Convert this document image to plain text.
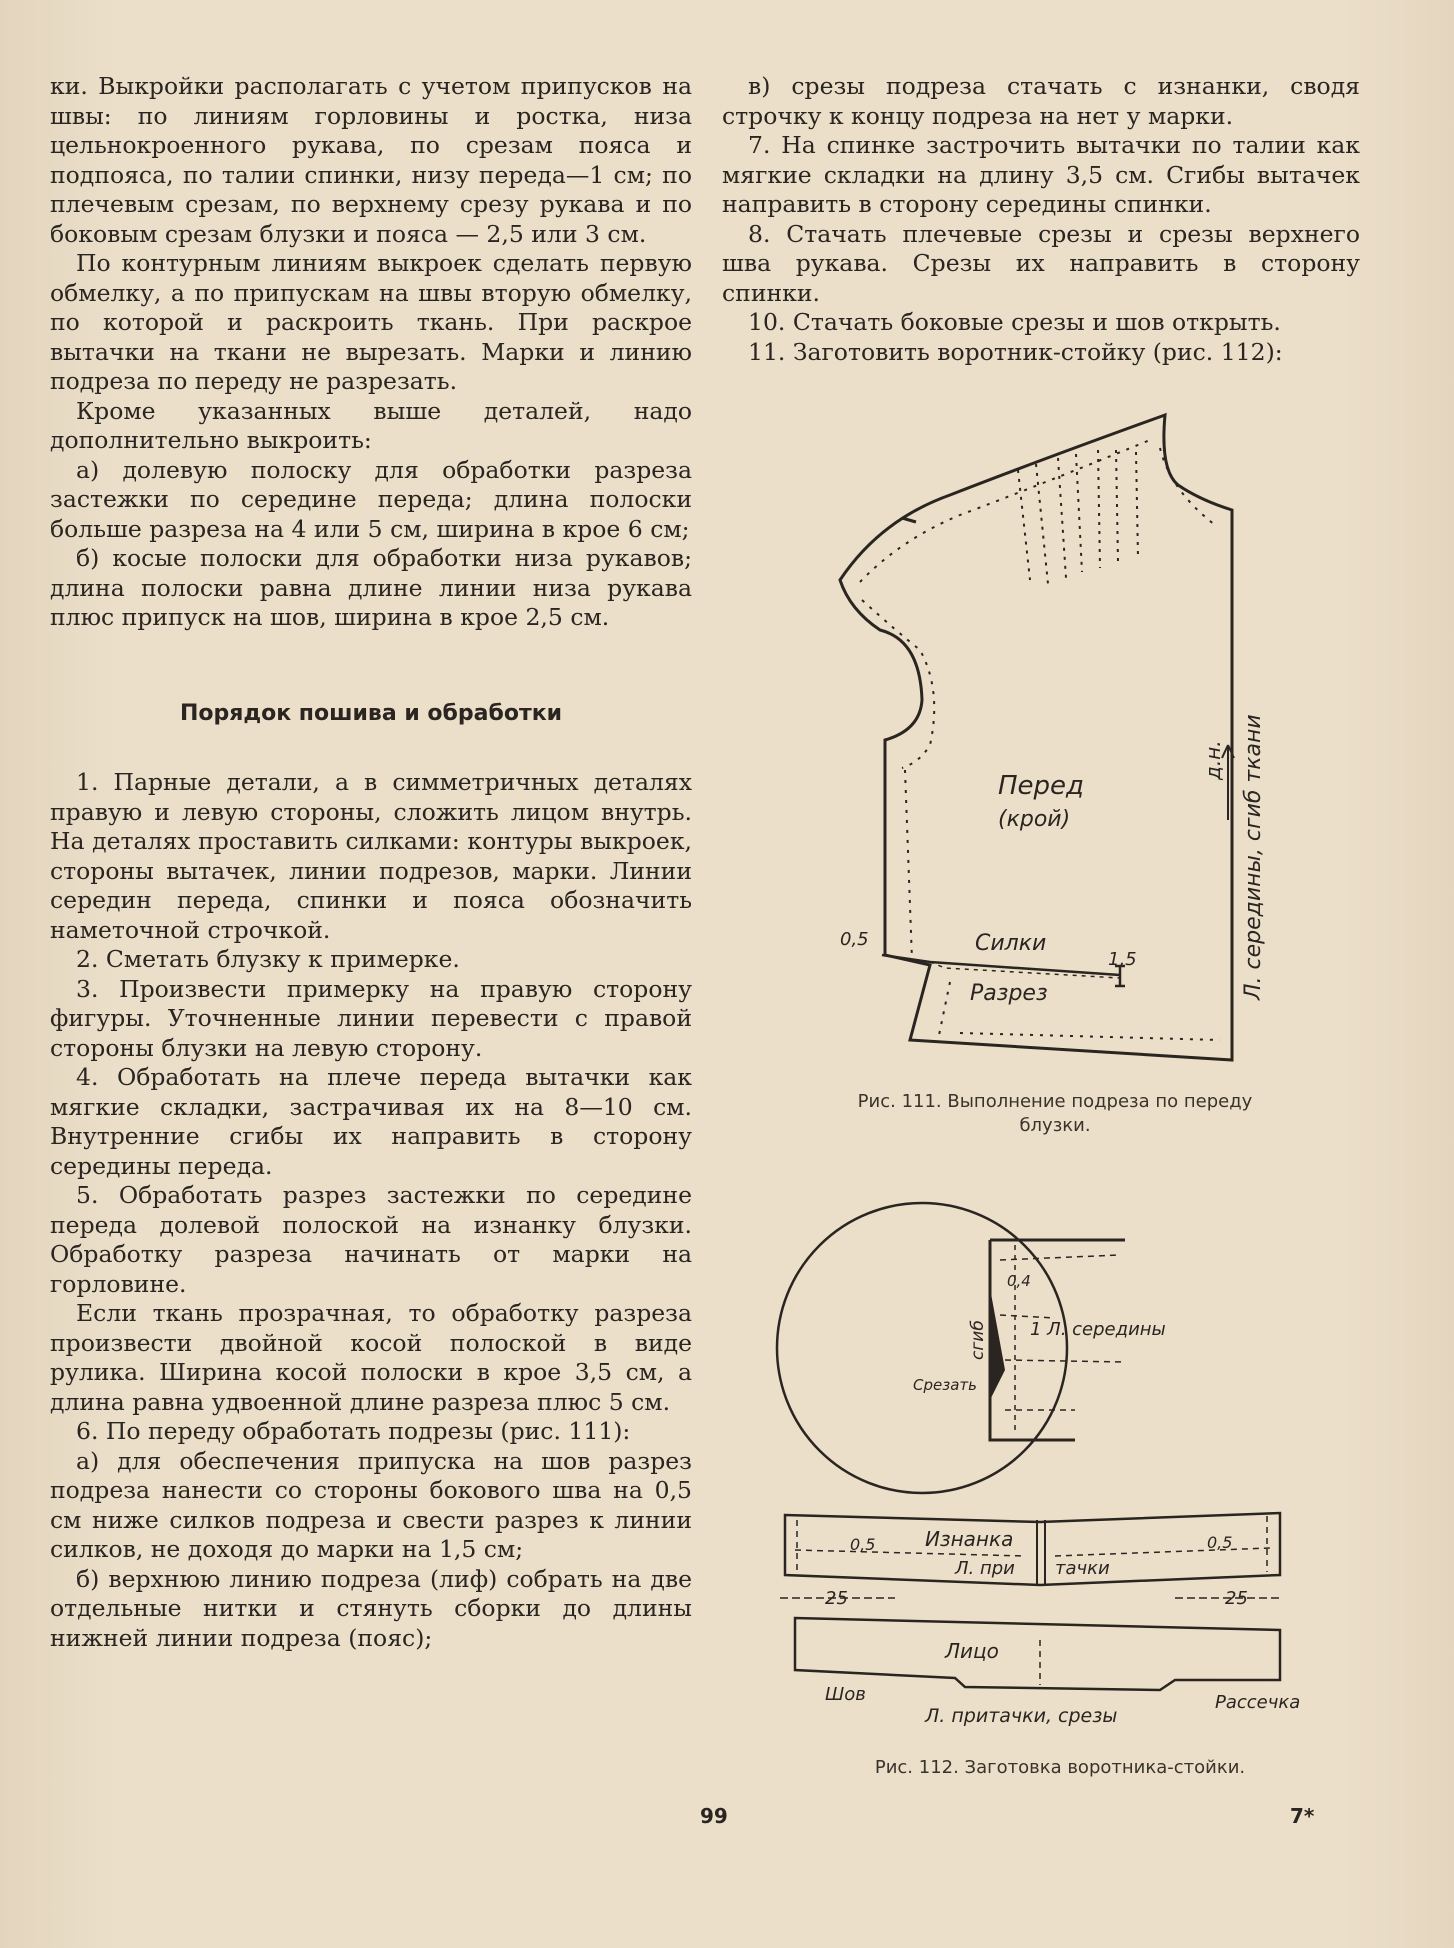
ки. Выкройки располагать с учетом припусков на швы: по линиям горловины и ростка, низа цельнокроенного рукава, по срезам пояса и подпояса, по талии спинки, низу переда—1 см; по плечевым срезам, по верхнему срезу рукава и по боковым срезам блузки и пояса — 2,5 или 3 см.

По контурным линиям выкроек сделать первую обмелку, а по припускам на швы вторую обмелку, по которой и раскроить ткань. При раскрое вытачки на ткани не вырезать. Марки и линию подреза по переду не разрезать.

Кроме указанных выше деталей, надо дополнительно выкроить:

а) долевую полоску для обработки разреза застежки по середине переда; длина полоски больше разреза на 4 или 5 см, ширина в крое 6 см;

б) косые полоски для обработки низа рукавов; длина полоски равна длине линии низа рукава плюс припуск на шов, ширина в крое 2,5 см.

Порядок пошива и обработки

1. Парные детали, а в симметричных деталях правую и левую стороны, сложить лицом внутрь. На деталях проставить силками: контуры выкроек, стороны вытачек, линии подрезов, марки. Линии середин переда, спинки и пояса обозначить наметочной строчкой.

2. Сметать блузку к примерке.

3. Произвести примерку на правую сторону фигуры. Уточненные линии перевести с правой стороны блузки на левую сторону.

4. Обработать на плече переда вытачки как мягкие складки, застрачивая их на 8—10 см. Внутренние сгибы их направить в сторону середины переда.

5. Обработать разрез застежки по середине переда долевой полоской на изнанку блузки. Обработку разреза начинать от марки на горловине.

Если ткань прозрачная, то обработку разреза произвести двойной косой полоской в виде рулика. Ширина косой полоски в крое 3,5 см, а длина равна удвоенной длине разреза плюс 5 см.

6. По переду обработать подрезы (рис. 111):

а) для обеспечения припуска на шов разрез подреза нанести со стороны бокового шва на 0,5 см ниже силков подреза и свести разрез к линии силков, не доходя до марки на 1,5 см;

б) верхнюю линию подреза (лиф) собрать на две отдельные нитки и стянуть сборки до длины нижней линии подреза (пояс);

в) срезы подреза стачать с изнанки, сводя строчку к концу подреза на нет у марки.

7. На спинке застрочить вытачки по талии как мягкие складки на длину 3,5 см. Сгибы вытачек направить в сторону середины спинки.

8. Стачать плечевые срезы и срезы верхнего шва рукава. Срезы их направить в сторону спинки.

10. Стачать боковые срезы и шов открыть.

11. Заготовить воротник-стойку (рис. 112):

Перед
(крой)
Силки
Разрез
0,5
1,5	Л. середины, сгиб ткани
д.н.
Рис. 111. Выполнение подреза по переду блузки.
0,4
сгиб 1 Л. середины
Срезать
Изнанка
Л. при тачки
0,5	0,5
25	25
Лицо
Шов	Рассечка
Л. притачки, срезы
Рис. 112. Заготовка воротника-стойки.
99	7*
